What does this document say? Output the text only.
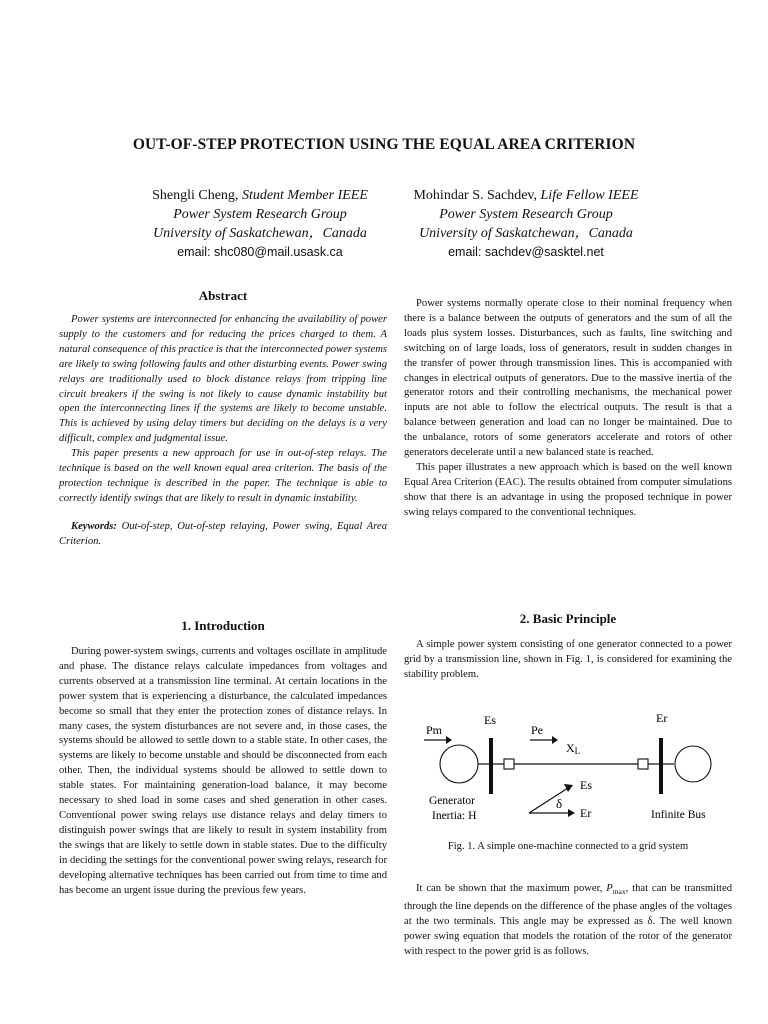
OUT-OF-STEP PROTECTION USING THE EQUAL AREA CRITERION
Shengli Cheng, Student Member IEEE
Power System Research Group
University of Saskatchewan，Canada
email: shc080@mail.usask.ca
Mohindar S. Sachdev, Life Fellow IEEE
Power System Research Group
University of Saskatchewan，Canada
email: sachdev@sasktel.net
Abstract

Power systems are interconnected for enhancing the availability of power supply to the customers and for reducing the prices charged to them. A natural consequence of this practice is that the interconnected power systems are likely to swing following faults and other disturbing events. Power swing relays are traditionally used to block distance relays from tripping line circuit breakers if the swing is not likely to cause dynamic instability but open the interconnecting lines if the systems are likely to become unstable. This is achieved by using delay timers but deciding on the delays is a very difficult, complex and judgmental issue.

This paper presents a new approach for use in out-of-step relays. The technique is based on the well known equal area criterion. The basis of the protection technique is described in the paper. The technique is able to correctly identify swings that are likely to result in dynamic instability.

Keywords: Out-of-step, Out-of-step relaying, Power swing, Equal Area Criterion.

1. Introduction

During power-system swings, currents and voltages oscillate in amplitude and phase. The distance relays calculate impedances from voltages and currents observed at a transmission line terminal. At certain locations in the power system that is experiencing a disturbance, the calculated impedances become so small that they enter the protection zones of distance relays. In many cases, the system disturbances are not severe and, in those cases, the systems should be allowed to settle down to a stable state. In other cases, the systems are likely to become unstable and should be disconnected from each other. Then, the individual systems should be allowed to settle down to stable states. For maintaining generation-load balance, it may become necessary to shed load in some cases and shed generation in other cases. Conventional power swing relays use distance relays and delay timers to distinguish power swings that are likely to result in system instability from the swings that are likely to settle down in stable states. Due to the difficulty in deciding the settings for the conventional power swing relays, research for developing alternative techniques has been carried out from time to time and has become an urgent issue during the previous few years.

Power systems normally operate close to their nominal frequency when there is a balance between the outputs of generators and the sum of all the loads plus system losses. Disturbances, such as faults, line switching and switching on of large loads, loss of generators, result in sudden changes in the transfer of power through transmission lines. This is accompanied with changes in electrical outputs of generators. Due to the massive inertia of the generator rotors and their controlling mechanisms, the mechanical power inputs are not able to follow the electrical outputs. The result is that a balance between generation and load can no longer be maintained. Due to the unbalance, rotors of some generators accelerate and rotors of other generators decelerate until a new balanced state is reached.

This paper illustrates a new approach which is based on the well known Equal Area Criterion (EAC). The results obtained from computer simulations show that there is an advantage in using the proposed technique in power swing relays compared to the conventional techniques.

2. Basic Principle

A simple power system consisting of one generator connected to a power grid by a transmission line, shown in Fig. 1, is considered for examining the stability problem.

Pm
Es
Pe
XL
Er
Es
δ
Er
Generator
Inertia: H	Infinite Bus
Fig. 1. A simple one-machine connected to a grid system

It can be shown that the maximum power, $P_{max}$, that can be transmitted through the line depends on the difference of the phase angles of the voltages at the two terminals. This angle may be expressed as δ. The well known power swing equation that models the rotation of the rotor of the generator with respect to the power grid is as follows.
